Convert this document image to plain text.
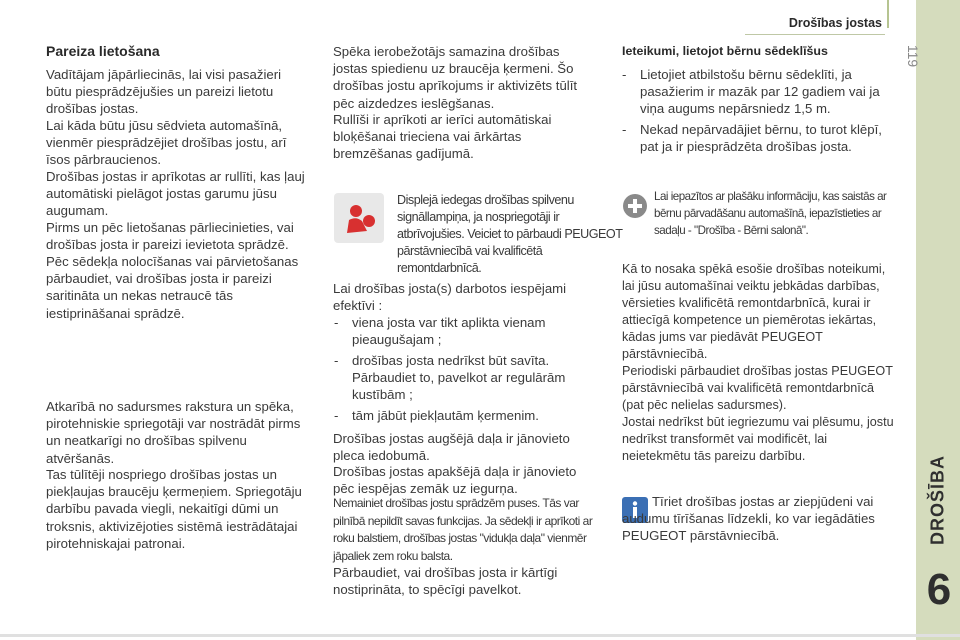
Drošības jostas
119
DROŠĪBA
6
Pareiza lietošana

Vadītājam jāpārliecinās, lai visi pasažieri būtu piesprādzējušies un pareizi lietotu drošības jostas.

Lai kāda būtu jūsu sēdvieta automašīnā, vienmēr piesprādzējiet drošības jostu, arī īsos pārbraucienos.

Drošības jostas ir aprīkotas ar rullīti, kas ļauj automātiski pielāgot jostas garumu jūsu augumam.

Pirms un pēc lietošanas pārliecinieties, vai drošības josta ir pareizi ievietota sprādzē.

Pēc sēdekļa nolocīšanas vai pārvietošanas pārbaudiet, vai drošības josta ir pareizi saritināta un nekas netraucē tās iestiprināšanai sprādzē.

Atkarībā no sadursmes rakstura un spēka, pirotehniskie spriegotāji var nostrādāt pirms un neatkarīgi no drošības spilvenu atvēršanās.

Tas tūlītēji nospriego drošības jostas un piekļaujas braucēju ķermeņiem. Spriegotāju darbību pavada viegli, nekaitīgi dūmi un troksnis, aktivizējoties sistēmā iestrādātajai pirotehniskajai patronai.

Spēka ierobežotājs samazina drošības jostas spiedienu uz braucēja ķermeni. Šo drošības jostu aprīkojums ir aktivizēts tūlīt pēc aizdedzes ieslēgšanas.

Rullīši ir aprīkoti ar ierīci automātiskai bloķēšanai trieciena vai ārkārtas bremzēšanas gadījumā.

Displejā iedegas drošības spilvenu signāllampiņa, ja nospriegotāji ir atbrīvojušies. Veiciet to pārbaudi PEUGEOT pārstāvniecībā vai kvalificētā remontdarbnīcā.

Lai drošības josta(s) darbotos iespējami efektīvi :

- viena josta var tikt aplikta vienam pieaugušajam ;
- drošības josta nedrīkst būt savīta. Pārbaudiet to, pavelkot ar regulārām kustībām ;
- tām jābūt piekļautām ķermenim.

Drošības jostas augšējā daļa ir jānovieto pleca iedobumā.

Drošības jostas apakšējā daļa ir jānovieto pēc iespējas zemāk uz iegurņa.

Nemainiet drošības jostu sprādzēm puses. Tās var pilnībā nepildīt savas funkcijas. Ja sēdekļi ir aprīkoti ar roku balstiem, drošības jostas "vidukļa daļa" vienmēr jāpaliek zem roku balsta.

Pārbaudiet, vai drošības josta ir kārtīgi nostiprināta, to spēcīgi pavelkot.

Ieteikumi, lietojot bērnu sēdeklīšus
- Lietojiet atbilstošu bērnu sēdeklīti, ja pasažierim ir mazāk par 12 gadiem vai ja viņa augums nepārsniedz 1,5 m.
- Nekad nepārvadājiet bērnu, to turot klēpī, pat ja ir piesprādzēta drošības josta.

Lai iepazītos ar plašāku informāciju, kas saistās ar bērnu pārvadāšanu automašīnā, iepazīstieties ar sadaļu - "Drošība - Bērni salonā".

Kā to nosaka spēkā esošie drošības noteikumi, lai jūsu automašīnai veiktu jebkādas darbības, vērsieties kvalificētā remontdarbnīcā, kurai ir attiecīgā kompetence un piemērotas iekārtas, kādas jums var piedāvāt PEUGEOT pārstāvniecībā.

Periodiski pārbaudiet drošības jostas PEUGEOT pārstāvniecībā vai kvalificētā remontdarbnīcā (pat pēc nelielas sadursmes).

Jostai nedrīkst būt iegriezumu vai plēsumu, jostu nedrīkst transformēt vai modificēt, lai neietekmētu tās pareizu darbību.

Tīriet drošības jostas ar ziepjūdeni vai audumu tīrīšanas līdzekli, ko var iegādāties PEUGEOT pārstāvniecībā.
